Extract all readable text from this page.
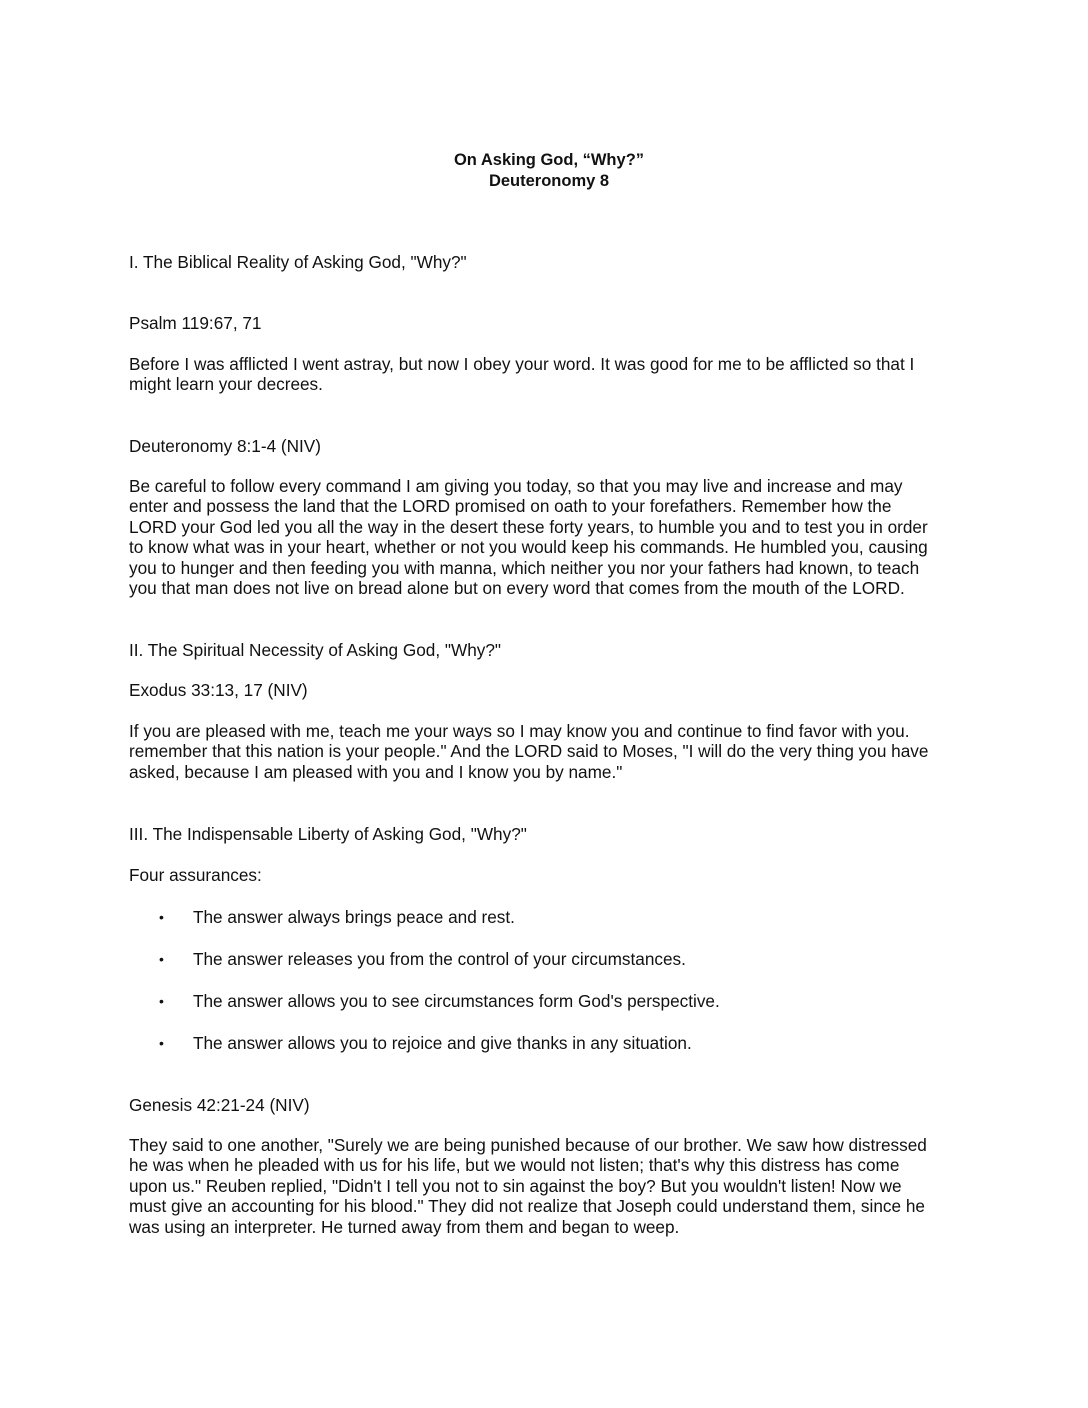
On Asking God, “Why?”
Deuteronomy 8
I. The Biblical Reality of Asking God, "Why?"
Psalm 119:67, 71
Before I was afflicted I went astray, but now I obey your word. It was good for me to be afflicted so that I
might learn your decrees.
Deuteronomy 8:1-4 (NIV)
Be careful to follow every command I am giving you today, so that you may live and increase and may
enter and possess the land that the LORD promised on oath to your forefathers. Remember how the
LORD your God led you all the way in the desert these forty years, to humble you and to test you in order
to know what was in your heart, whether or not you would keep his commands. He humbled you, causing
you to hunger and then feeding you with manna, which neither you nor your fathers had known, to teach
you that man does not live on bread alone but on every word that comes from the mouth of the LORD.
II. The Spiritual Necessity of Asking God, "Why?"
Exodus 33:13, 17 (NIV)
If you are pleased with me, teach me your ways so I may know you and continue to find favor with you.
remember that this nation is your people." And the LORD said to Moses, "I will do the very thing you have
asked, because I am pleased with you and I know you by name."
III. The Indispensable Liberty of Asking God, "Why?"
Four assurances:
• The answer always brings peace and rest.
• The answer releases you from the control of your circumstances.
• The answer allows you to see circumstances form God's perspective.
• The answer allows you to rejoice and give thanks in any situation.
Genesis 42:21-24 (NIV)
They said to one another, "Surely we are being punished because of our brother. We saw how distressed
he was when he pleaded with us for his life, but we would not listen; that's why this distress has come
upon us." Reuben replied, "Didn't I tell you not to sin against the boy? But you wouldn't listen! Now we
must give an accounting for his blood." They did not realize that Joseph could understand them, since he
was using an interpreter. He turned away from them and began to weep.
